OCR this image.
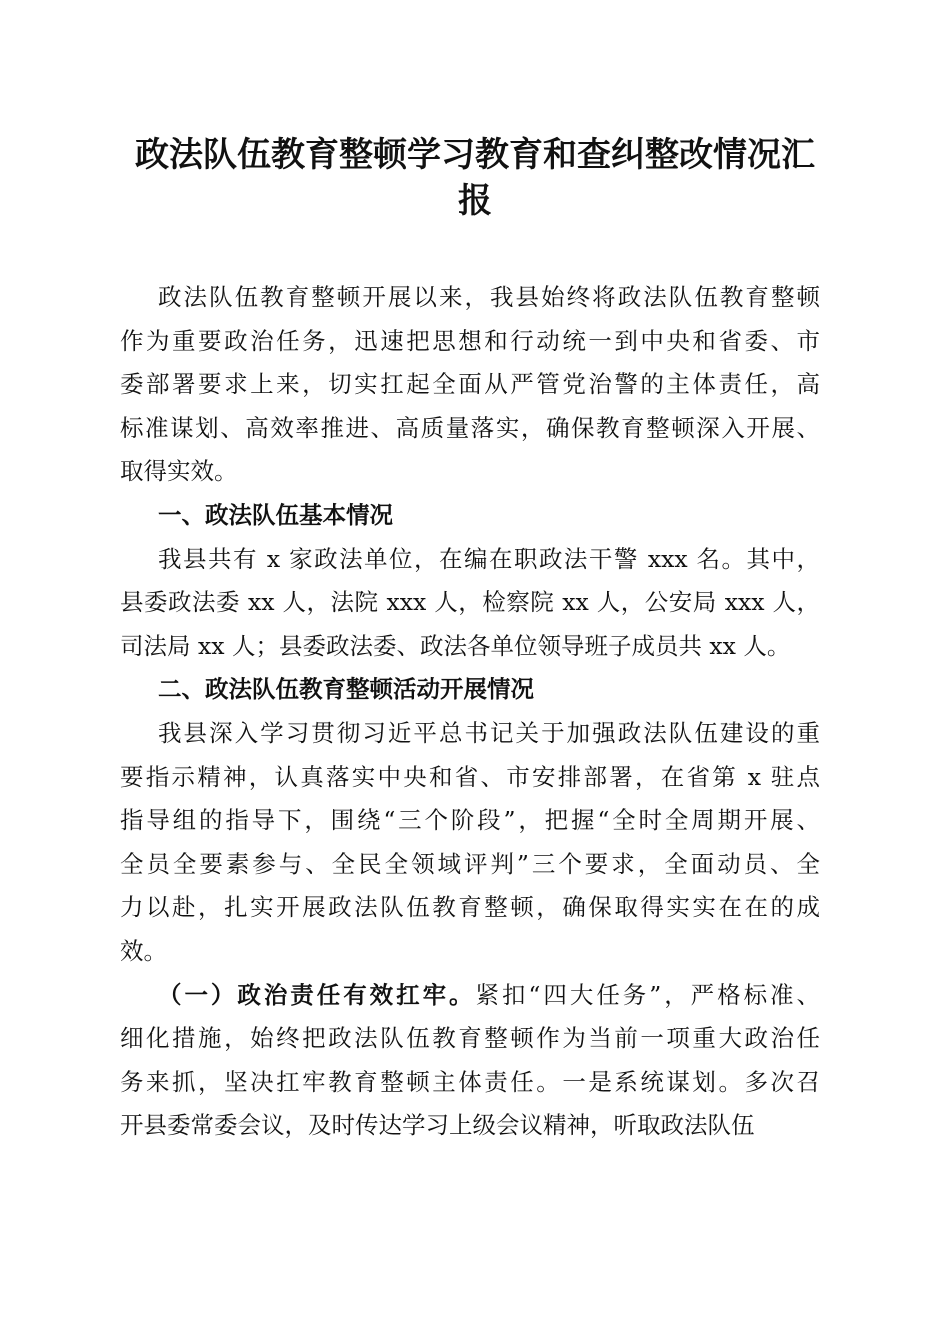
政法队伍教育整顿学习教育和查纠整改情况汇
报
政法队伍教育整顿开展以来，我县始终将政法队伍教育整顿
作为重要政治任务，迅速把思想和行动统一到中央和省委、市
委部署要求上来，切实扛起全面从严管党治警的主体责任，高
标准谋划、高效率推进、高质量落实，确保教育整顿深入开展、
取得实效。
一、政法队伍基本情况
我县共有 x 家政法单位，在编在职政法干警 xxx 名。其中，
县委政法委 xx 人，法院 xxx 人，检察院 xx 人，公安局 xxx 人，
司法局 xx 人；县委政法委、政法各单位领导班子成员共 xx 人。
二、政法队伍教育整顿活动开展情况
我县深入学习贯彻习近平总书记关于加强政法队伍建设的重
要指示精神，认真落实中央和省、市安排部署，在省第 x 驻点
指导组的指导下，围绕“三个阶段”，把握“全时全周期开展、
全员全要素参与、全民全领域评判”三个要求，全面动员、全
力以赴，扎实开展政法队伍教育整顿，确保取得实实在在的成
效。
（一）政治责任有效扛牢。紧扣“四大任务”，严格标准、
细化措施，始终把政法队伍教育整顿作为当前一项重大政治任
务来抓，坚决扛牢教育整顿主体责任。一是系统谋划。多次召
开县委常委会议，及时传达学习上级会议精神，听取政法队伍
